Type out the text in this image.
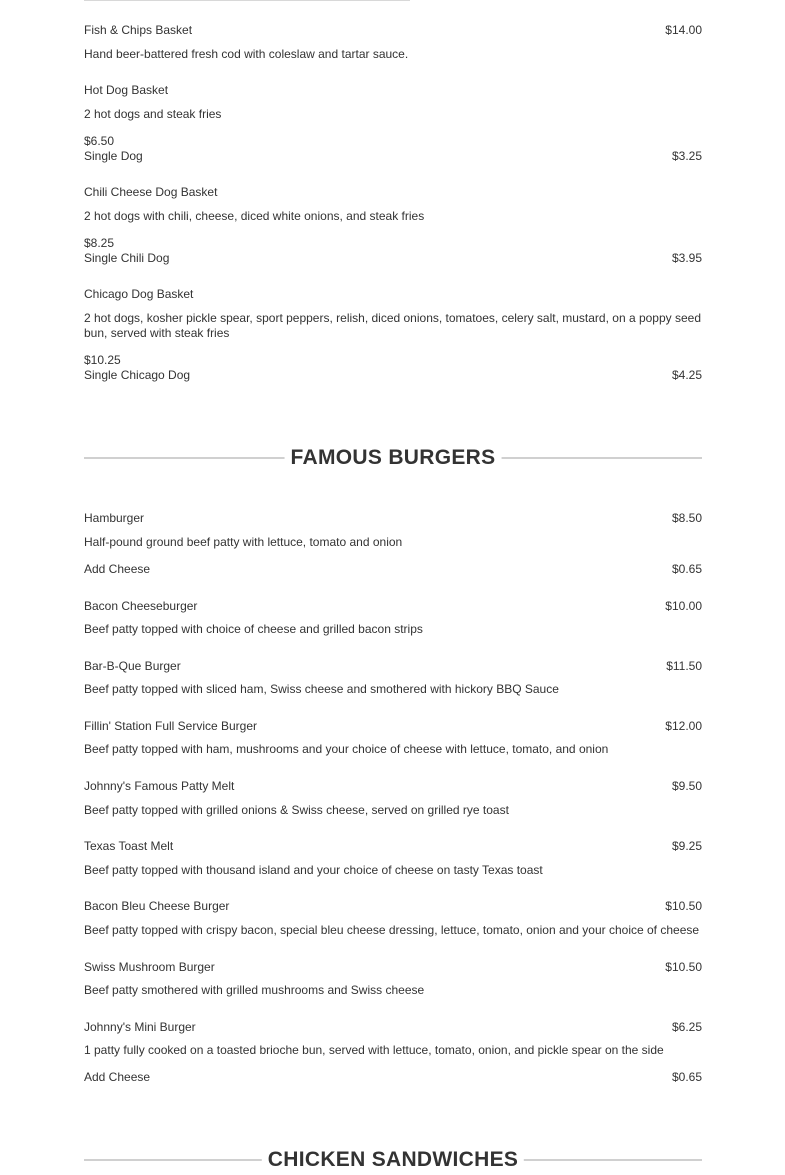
Fish & Chips Basket	$14.00
Hand beer-battered fresh cod with coleslaw and tartar sauce.
Hot Dog Basket
2 hot dogs and steak fries
$6.50
Single Dog	$3.25
Chili Cheese Dog Basket
2 hot dogs with chili, cheese, diced white onions, and steak fries
$8.25
Single Chili Dog	$3.95
Chicago Dog Basket
2 hot dogs, kosher pickle spear, sport peppers, relish, diced onions, tomatoes, celery salt, mustard, on a poppy seed bun, served with steak fries
$10.25
Single Chicago Dog	$4.25
FAMOUS BURGERS
Hamburger	$8.50
Half-pound ground beef patty with lettuce, tomato and onion
Add Cheese	$0.65
Bacon Cheeseburger	$10.00
Beef patty topped with choice of cheese and grilled bacon strips
Bar-B-Que Burger	$11.50
Beef patty topped with sliced ham, Swiss cheese and smothered with hickory BBQ Sauce
Fillin' Station Full Service Burger	$12.00
Beef patty topped with ham, mushrooms and your choice of cheese with lettuce, tomato, and onion
Johnny's Famous Patty Melt	$9.50
Beef patty topped with grilled onions & Swiss cheese, served on grilled rye toast
Texas Toast Melt	$9.25
Beef patty topped with thousand island and your choice of cheese on tasty Texas toast
Bacon Bleu Cheese Burger	$10.50
Beef patty topped with crispy bacon, special bleu cheese dressing, lettuce, tomato, onion and your choice of cheese
Swiss Mushroom Burger	$10.50
Beef patty smothered with grilled mushrooms and Swiss cheese
Johnny's Mini Burger	$6.25
1 patty fully cooked on a toasted brioche bun, served with lettuce, tomato, onion, and pickle spear on the side
Add Cheese	$0.65
CHICKEN SANDWICHES
